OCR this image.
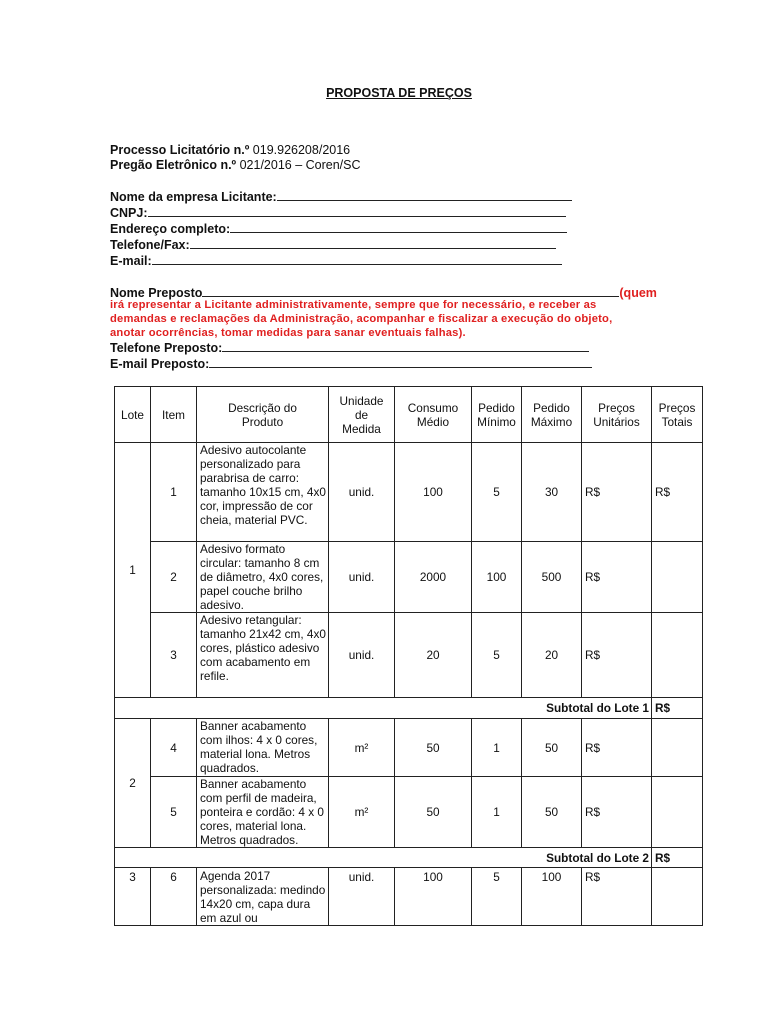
PROPOSTA DE PREÇOS
Processo Licitatório n.º 019.926208/2016
Pregão Eletrônico n.º 021/2016 – Coren/SC
Nome da empresa Licitante:
CNPJ:
Endereço completo:
Telefone/Fax:
E-mail:
Nome Preposto	(quem
irá representar a Licitante administrativamente, sempre que for necessário, e receber as
demandas e reclamações da Administração, acompanhar e fiscalizar a execução do objeto,
anotar ocorrências, tomar medidas para sanar eventuais falhas).
Telefone Preposto:
E-mail Preposto:
Lote	Item	Descrição do Produto	Unidade de Medida	Consumo Médio	Pedido Mínimo	Pedido Máximo	Preços Unitários	Preços Totais
1	1	Adesivo autocolante personalizado para parabrisa de carro: tamanho 10x15 cm, 4x0 cor, impressão de cor cheia, material PVC.	unid.	100	5	30	R$	R$
	2	Adesivo formato circular: tamanho 8 cm de diâmetro, 4x0 cores, papel couche brilho adesivo.	unid.	2000	100	500	R$	
	3	Adesivo retangular: tamanho 21x42 cm, 4x0 cores, plástico adesivo com acabamento em refile.	unid.	20	5	20	R$	
Subtotal do Lote 1								R$
2	4	Banner acabamento com ilhos: 4 x 0 cores, material lona. Metros quadrados.	m²	50	1	50	R$	
	5	Banner acabamento com perfil de madeira, ponteira e cordão: 4 x 0 cores, material lona. Metros quadrados.	m²	50	1	50	R$	
Subtotal do Lote 2								R$
3	6	Agenda 2017 personalizada: medindo 14x20 cm, capa dura em azul ou	unid.	100	5	100	R$	
